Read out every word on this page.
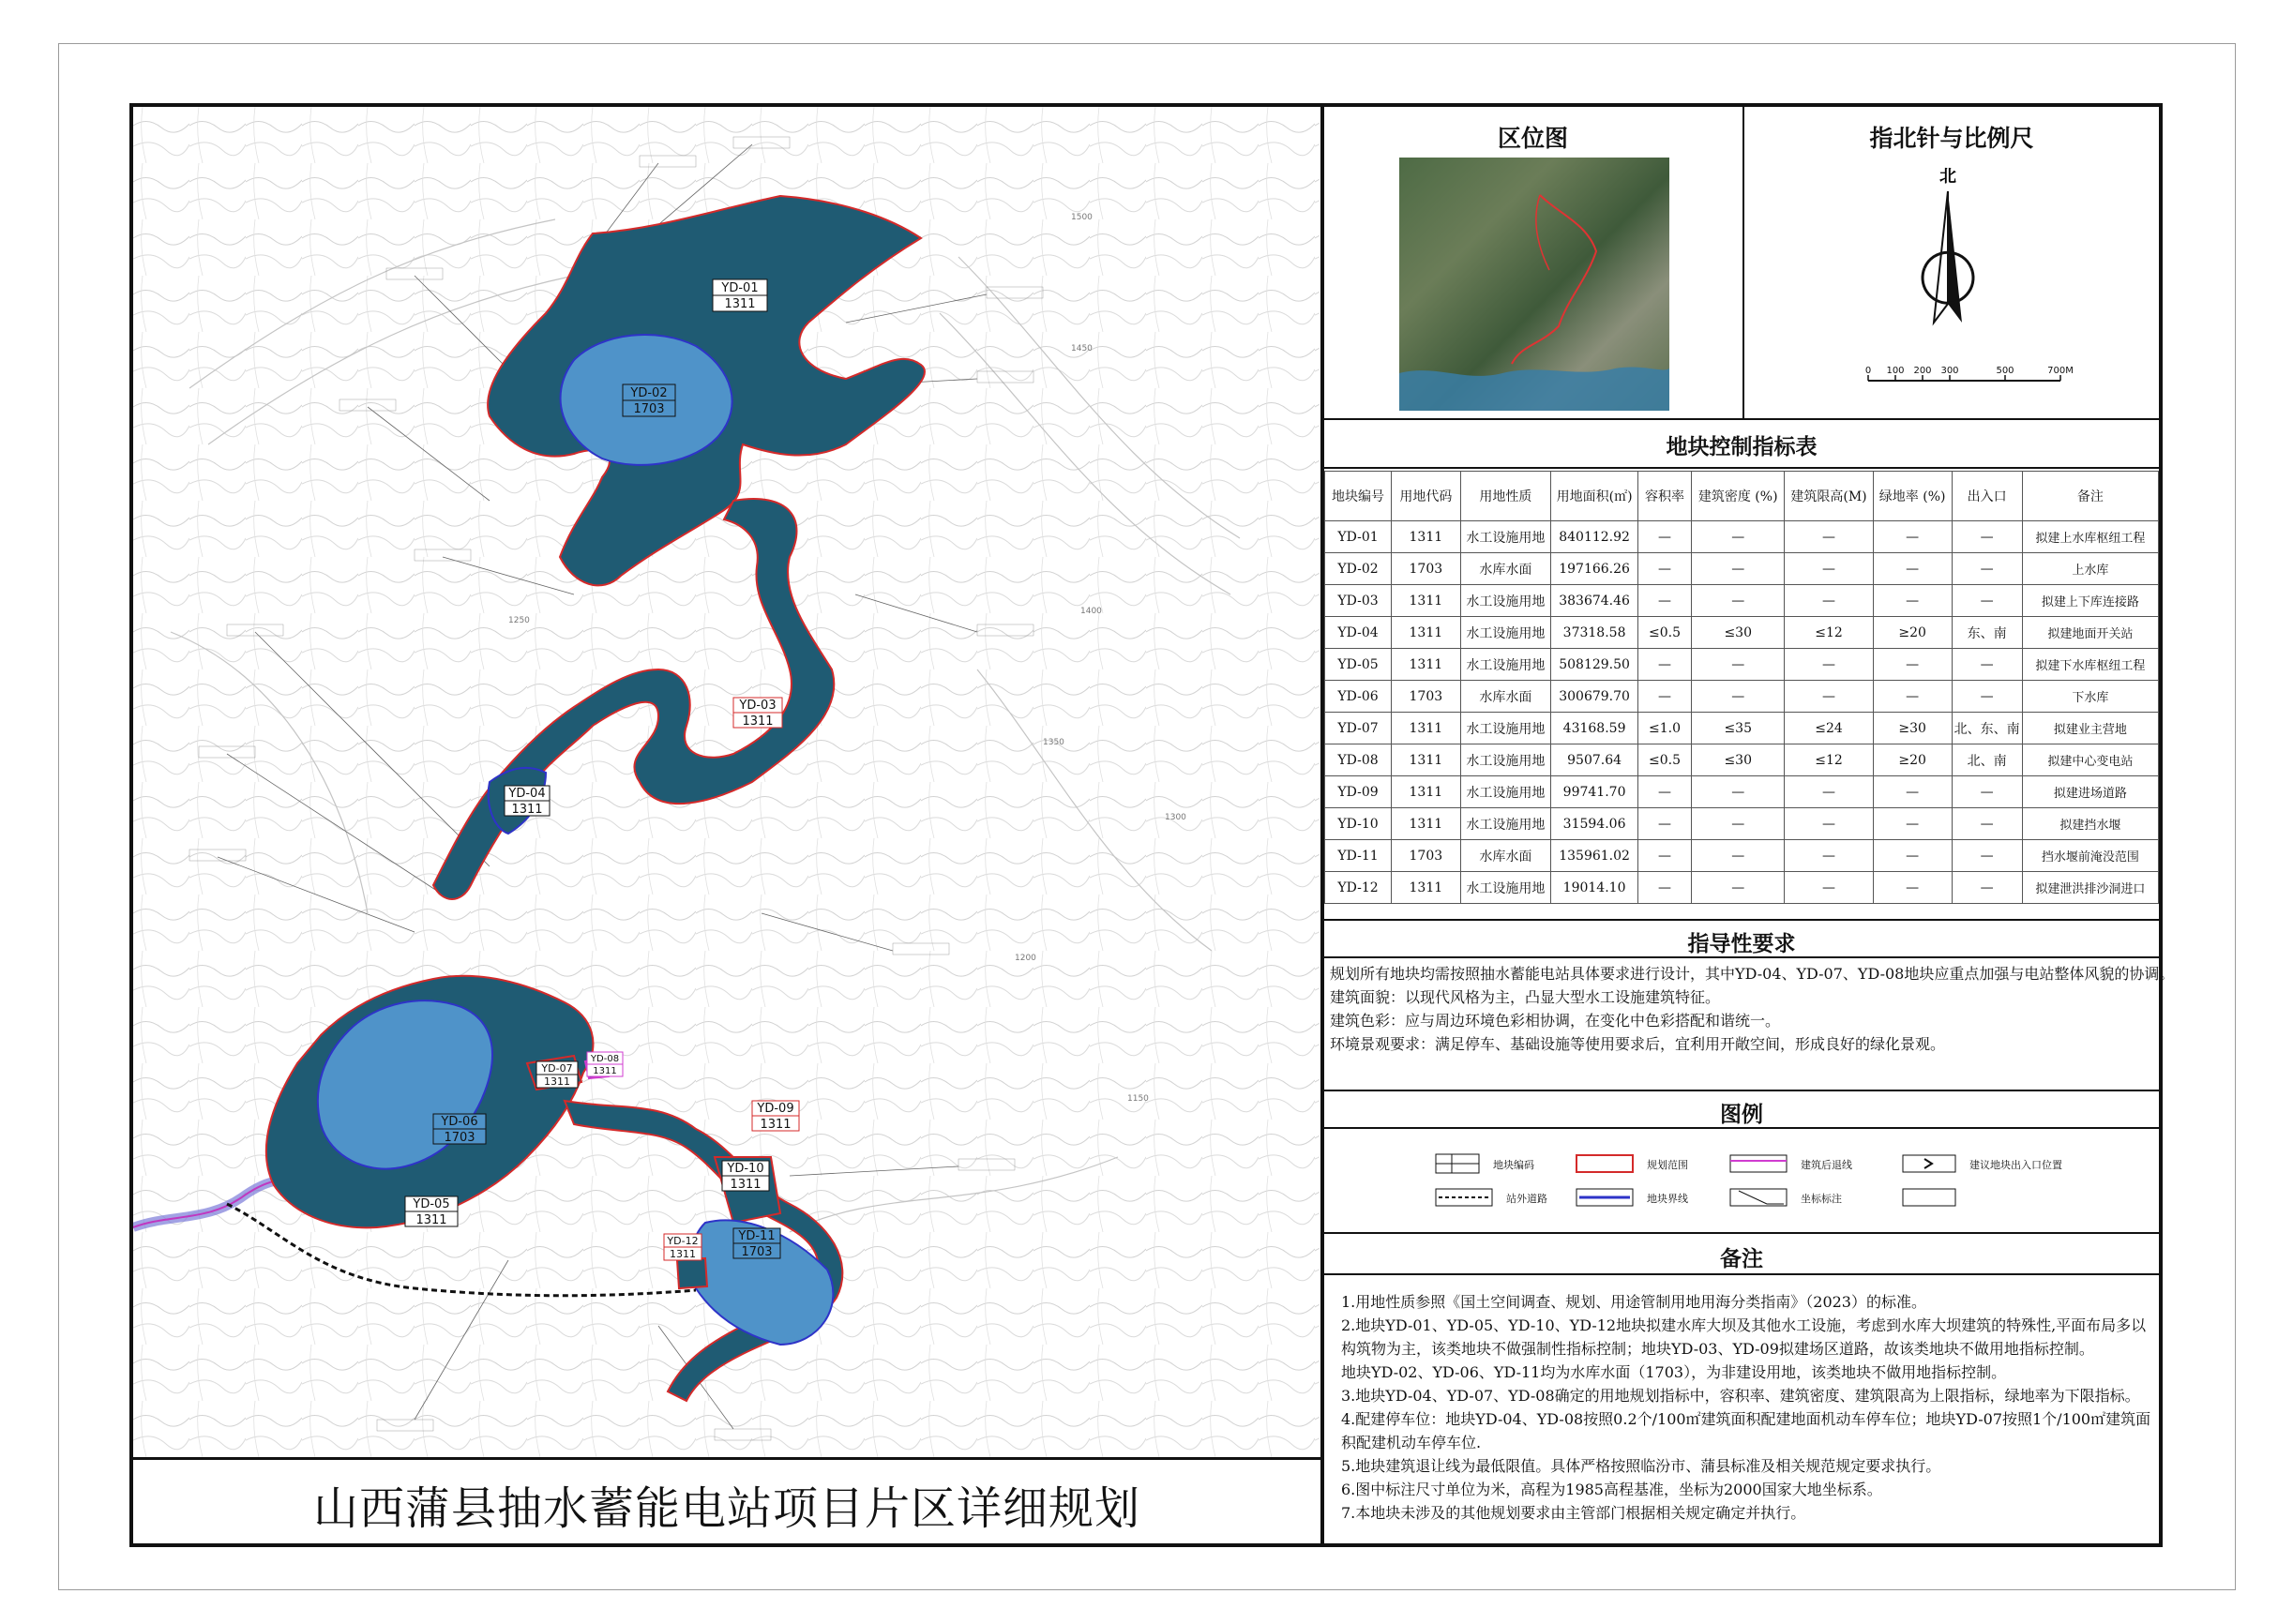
YD-01
1311
YD-02
1703
YD-03
1311
YD-04
1311
YD-05
1311
YD-06
1703
YD-07
1311
YD-08
1311
YD-09
1311
YD-10
1311
YD-11
1703
YD-12
1311
1500
1450
1400
1350
1300
1250
1200
1150
山西蒲县抽水蓄能电站项目片区详细规划
区位图	指北针与比例尺
北
0 100 200 300	500	700M
地块控制指标表
地块编号	用地代码	用地性质	用地面积(㎡)	容积率	建筑密度 (%)	建筑限高(M)	绿地率 (%)	出入口	备注
YD-01	1311	水工设施用地	840112.92	—	—	—	—	—	拟建上水库枢纽工程
YD-02	1703	水库水面	197166.26	—	—	—	—	—	上水库
YD-03	1311	水工设施用地	383674.46	—	—	—	—	—	拟建上下库连接路
YD-04	1311	水工设施用地	37318.58	≤0.5	≤30	≤12	≥20	东、南	拟建地面开关站
YD-05	1311	水工设施用地	508129.50	—	—	—	—	—	拟建下水库枢纽工程
YD-06	1703	水库水面	300679.70	—	—	—	—	—	下水库
YD-07	1311	水工设施用地	43168.59	≤1.0	≤35	≤24	≥30	北、东、南	拟建业主营地
YD-08	1311	水工设施用地	9507.64	≤0.5	≤30	≤12	≥20	北、南	拟建中心变电站
YD-09	1311	水工设施用地	99741.70	—	—	—	—	—	拟建进场道路
YD-10	1311	水工设施用地	31594.06	—	—	—	—	—	拟建挡水堰
YD-11	1703	水库水面	135961.02	—	—	—	—	—	挡水堰前淹没范围
YD-12	1311	水工设施用地	19014.10	—	—	—	—	—	拟建泄洪排沙洞进口
指导性要求

规划所有地块均需按照抽水蓄能电站具体要求进行设计，其中YD-04、YD-07、YD-08地块应重点加强与电站整体风貌的协调。

建筑面貌：以现代风格为主，凸显大型水工设施建筑特征。

建筑色彩：应与周边环境色彩相协调，在变化中色彩搭配和谐统一。

环境景观要求：满足停车、基础设施等使用要求后，宜利用开敞空间，形成良好的绿化景观。

图例
地块编码	规划范围	建筑后退线	建议地块出入口位置
站外道路	地块界线	坐标标注
备注

1.用地性质参照《国土空间调查、规划、用途管制用地用海分类指南》（2023）的标准。

2.地块YD-01、YD-05、YD-10、YD-12地块拟建水库大坝及其他水工设施，考虑到水库大坝建筑的特殊性,平面布局多以构筑物为主，该类地块不做强制性指标控制；地块YD-03、YD-09拟建场区道路，故该类地块不做用地指标控制。

地块YD-02、YD-06、YD-11均为水库水面（1703），为非建设用地，该类地块不做用地指标控制。

3.地块YD-04、YD-07、YD-08确定的用地规划指标中，容积率、建筑密度、建筑限高为上限指标，绿地率为下限指标。

4.配建停车位：地块YD-04、YD-08按照0.2个/100㎡建筑面积配建地面机动车停车位；地块YD-07按照1个/100㎡建筑面积配建机动车停车位.

5.地块建筑退让线为最低限值。具体严格按照临汾市、蒲县标准及相关规范规定要求执行。

6.图中标注尺寸单位为米，高程为1985高程基准，坐标为2000国家大地坐标系。

7.本地块未涉及的其他规划要求由主管部门根据相关规定确定并执行。
